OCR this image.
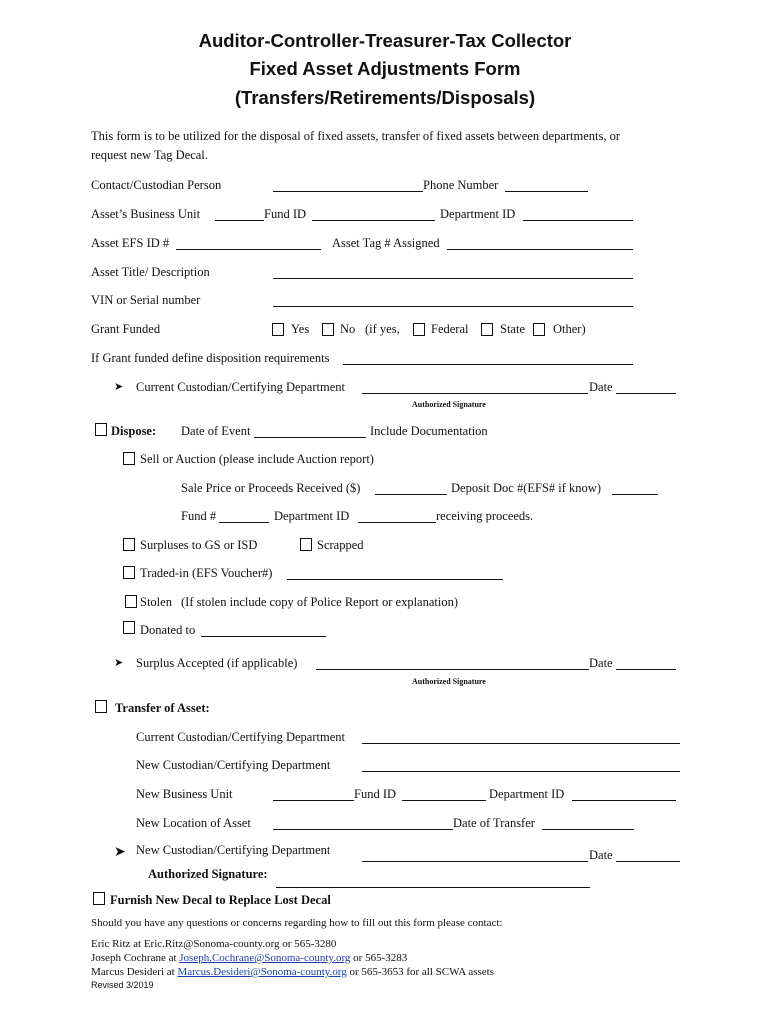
Auditor-Controller-Treasurer-Tax Collector
Fixed Asset Adjustments Form
(Transfers/Retirements/Disposals)
This form is to be utilized for the disposal of fixed assets, transfer of fixed assets between departments, or
request new Tag Decal.
Contact/Custodian Person	Phone Number
Asset’s Business Unit	Fund ID	Department ID
Asset EFS ID #	Asset Tag # Assigned
Asset Title/ Description
VIN or Serial number
Grant Funded	Yes No (if yes,	Federal	State Other)
If Grant funded define disposition requirements
➤ Current Custodian/Certifying Department	Date
Authorized Signature
Dispose: Date of Event	Include Documentation
Sell or Auction (please include Auction report)
Sale Price or Proceeds Received ($)	Deposit Doc #(EFS# if know)
Fund #	Department ID	receiving proceeds.
Surpluses to GS or ISD	Scrapped
Traded-in (EFS Voucher#)
Stolen (If stolen include copy of Police Report or explanation)
Donated to
➤ Surplus Accepted (if applicable)	Date
Authorized Signature
Transfer of Asset:
Current Custodian/Certifying Department
New Custodian/Certifying Department
New Business Unit	Fund ID	Department ID
New Location of Asset	Date of Transfer
➤ New Custodian/Certifying Department	Date
Authorized Signature:
Furnish New Decal to Replace Lost Decal
Should you have any questions or concerns regarding how to fill out this form please contact:
Eric Ritz at Eric.Ritz@Sonoma-county.org or 565-3280
Joseph Cochrane at Joseph.Cochrane@Sonoma-county.org or 565-3283
Marcus Desideri at Marcus.Desideri@Sonoma-county.org or 565-3653 for all SCWA assets
Revised 3/2019
